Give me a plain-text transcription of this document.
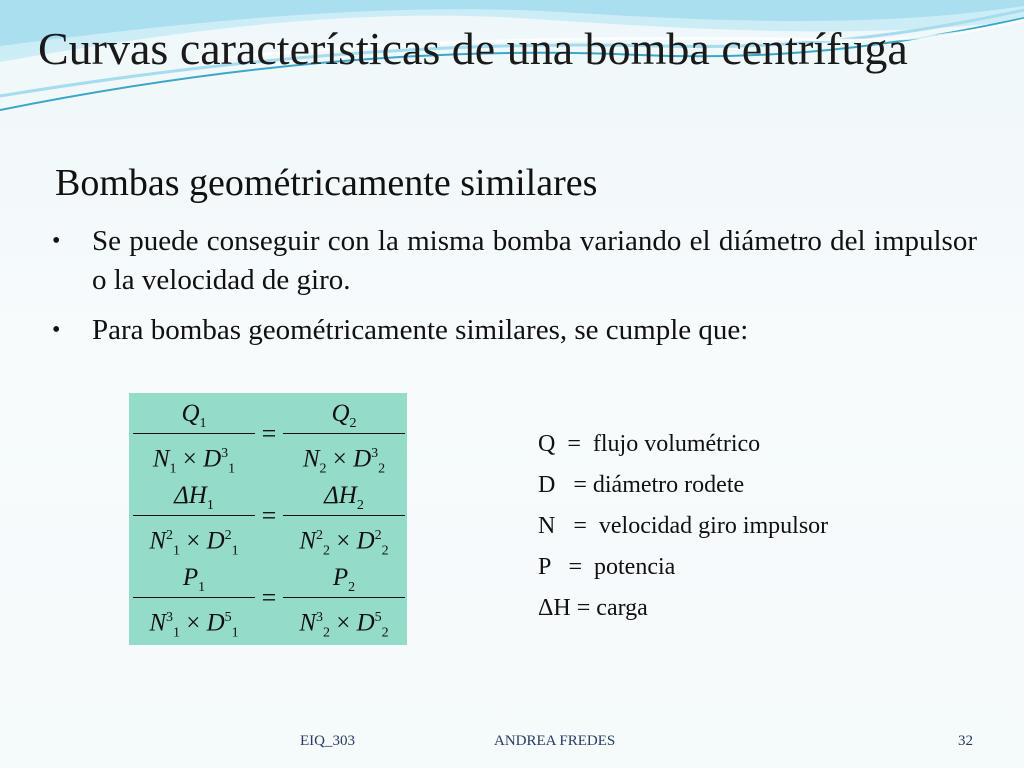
Curvas características de una bomba centrífuga
Bombas geométricamente similares
• Se puede conseguir con la misma bomba variando el diámetro del impulsor o la velocidad de giro.
• Para bombas geométricamente similares, se cumple que:
$Q_1$
$N_1 \times D^3_1$
=
$Q_2$
$N_2 \times D^3_2$
$\Delta H_1$
$N^2_1 \times D^2_1$
=
$\Delta H_2$
$N^2_2 \times D^2_2$
$P_1$
$N^3_1 \times D^5_1$
=
$P_2$
$N^3_2 \times D^5_2$
Q  =  flujo volumétrico
D   = diámetro rodete
N   =  velocidad giro impulsor
P   =  potencia
ΔH = carga
EIQ_303	ANDREA FREDES	32
